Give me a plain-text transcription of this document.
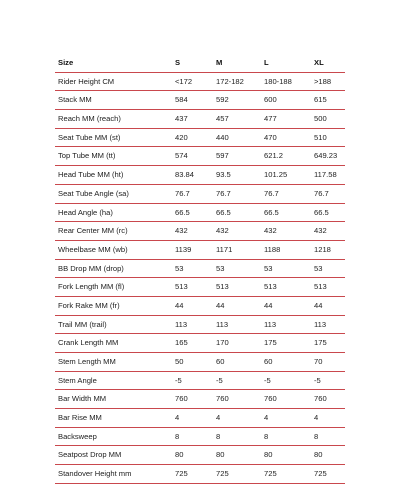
Size	S	M	L	XL
Rider Height CM	<172	172-182	180-188	>188
Stack MM	584	592	600	615
Reach MM (reach)	437	457	477	500
Seat Tube MM (st)	420	440	470	510
Top Tube MM (tt)	574	597	621.2	649.23
Head Tube MM (ht)	83.84	93.5	101.25	117.58
Seat Tube Angle (sa)	76.7	76.7	76.7	76.7
Head Angle (ha)	66.5	66.5	66.5	66.5
Rear Center MM (rc)	432	432	432	432
Wheelbase MM (wb)	1139	1171	1188	1218
BB Drop MM (drop)	53	53	53	53
Fork Length MM (fl)	513	513	513	513
Fork Rake MM (fr)	44	44	44	44
Trail MM (trail)	113	113	113	113
Crank Length MM	165	170	175	175
Stem Length MM	50	60	60	70
Stem Angle	-5	-5	-5	-5
Bar Width MM	760	760	760	760
Bar Rise MM	4	4	4	4
Backsweep	8	8	8	8
Seatpost Drop MM	80	80	80	80
Standover Height mm	725	725	725	725
